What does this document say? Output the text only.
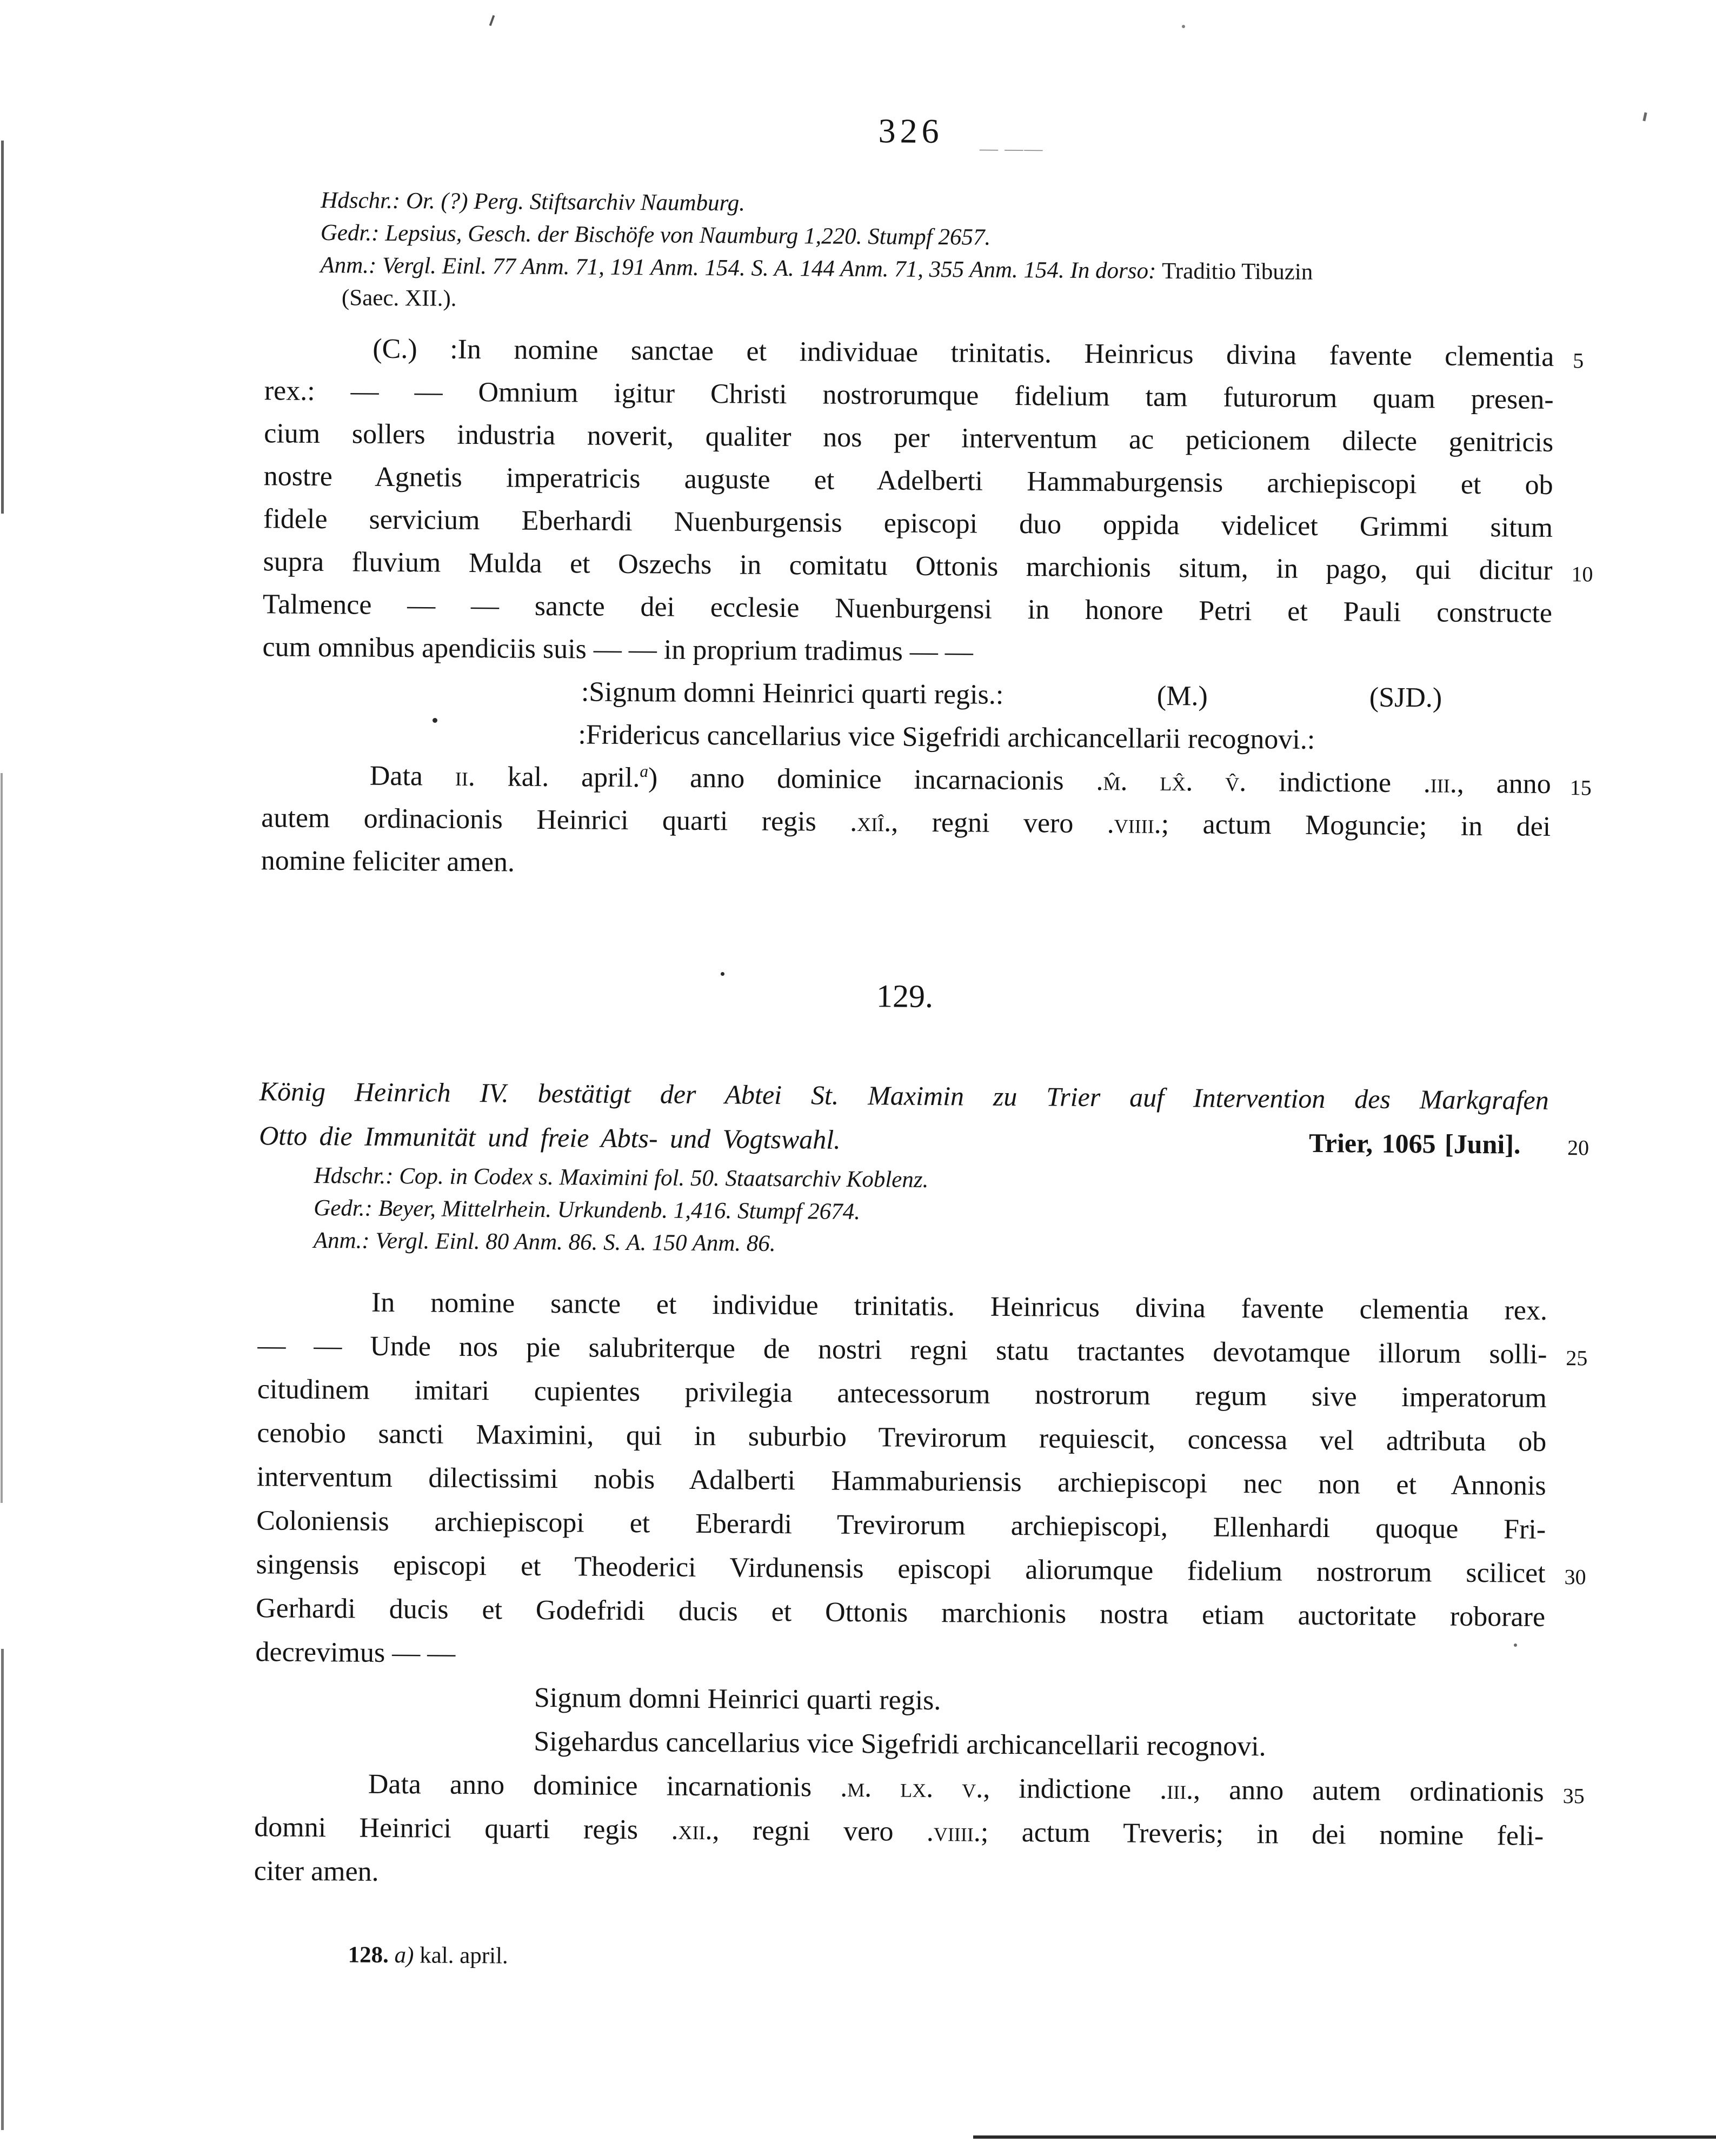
326	— ——
Hdschr.: Or. (?) Perg. Stiftsarchiv Naumburg.
Gedr.: Lepsius, Gesch. der Bischöfe von Naumburg 1,220. Stumpf 2657.
Anm.: Vergl. Einl. 77 Anm. 71, 191 Anm. 154. S. A. 144 Anm. 71, 355 Anm. 154. In dorso: Traditio Tibuzin
(Saec. XII.).
(C.) :In nomine sanctae et individuae trinitatis. Heinricus divina favente clementia 5
rex.: — — Omnium igitur Christi nostrorumque fidelium tam futurorum quam presen-
cium sollers industria noverit, qualiter nos per interventum ac peticionem dilecte genitricis
nostre Agnetis imperatricis auguste et Adelberti Hammaburgensis archiepiscopi et ob
fidele servicium Eberhardi Nuenburgensis episcopi duo oppida videlicet Grimmi situm
supra fluvium Mulda et Oszechs in comitatu Ottonis marchionis situm, in pago, qui dicitur 10
Talmence — — sancte dei ecclesie Nuenburgensi in honore Petri et Pauli constructe
cum omnibus apendiciis suis — — in proprium tradimus — —
:Signum domni Heinrici quarti regis.:	(M.)	(SJD.)
:Fridericus cancellarius vice Sigefridi archicancellarii recognovi.:
Data ii. kal. april.$^a$) anno dominice incarnacionis .m̂. lx̂. v̂. indictione .iii., anno 15
autem ordinacionis Heinrici quarti regis .xiî., regni vero .viiii.; actum Moguncie; in dei
nomine feliciter amen.
129.
König Heinrich IV. bestätigt der Abtei St. Maximin zu Trier auf Intervention des Markgrafen
Otto die Immunität und freie Abts- und Vogtswahl.	Trier, 1065 [Juni]. 20
Hdschr.: Cop. in Codex s. Maximini fol. 50. Staatsarchiv Koblenz.
Gedr.: Beyer, Mittelrhein. Urkundenb. 1,416. Stumpf 2674.
Anm.: Vergl. Einl. 80 Anm. 86. S. A. 150 Anm. 86.
In nomine sancte et individue trinitatis. Heinricus divina favente clementia rex.
— — Unde nos pie salubriterque de nostri regni statu tractantes devotamque illorum solli- 25
citudinem imitari cupientes privilegia antecessorum nostrorum regum sive imperatorum
cenobio sancti Maximini, qui in suburbio Trevirorum requiescit, concessa vel adtributa ob
interventum dilectissimi nobis Adalberti Hammaburiensis archiepiscopi nec non et Annonis
Coloniensis archiepiscopi et Eberardi Trevirorum archiepiscopi, Ellenhardi quoque Fri-
singensis episcopi et Theoderici Virdunensis episcopi aliorumque fidelium nostrorum scilicet 30
Gerhardi ducis et Godefridi ducis et Ottonis marchionis nostra etiam auctoritate roborare
decrevimus — —
Signum domni Heinrici quarti regis.
Sigehardus cancellarius vice Sigefridi archicancellarii recognovi.
Data anno dominice incarnationis .m. lx. v., indictione .iii., anno autem ordinationis 35
domni Heinrici quarti regis .xii., regni vero .viiii.; actum Treveris; in dei nomine feli-
citer amen.
128. a) kal. april.
